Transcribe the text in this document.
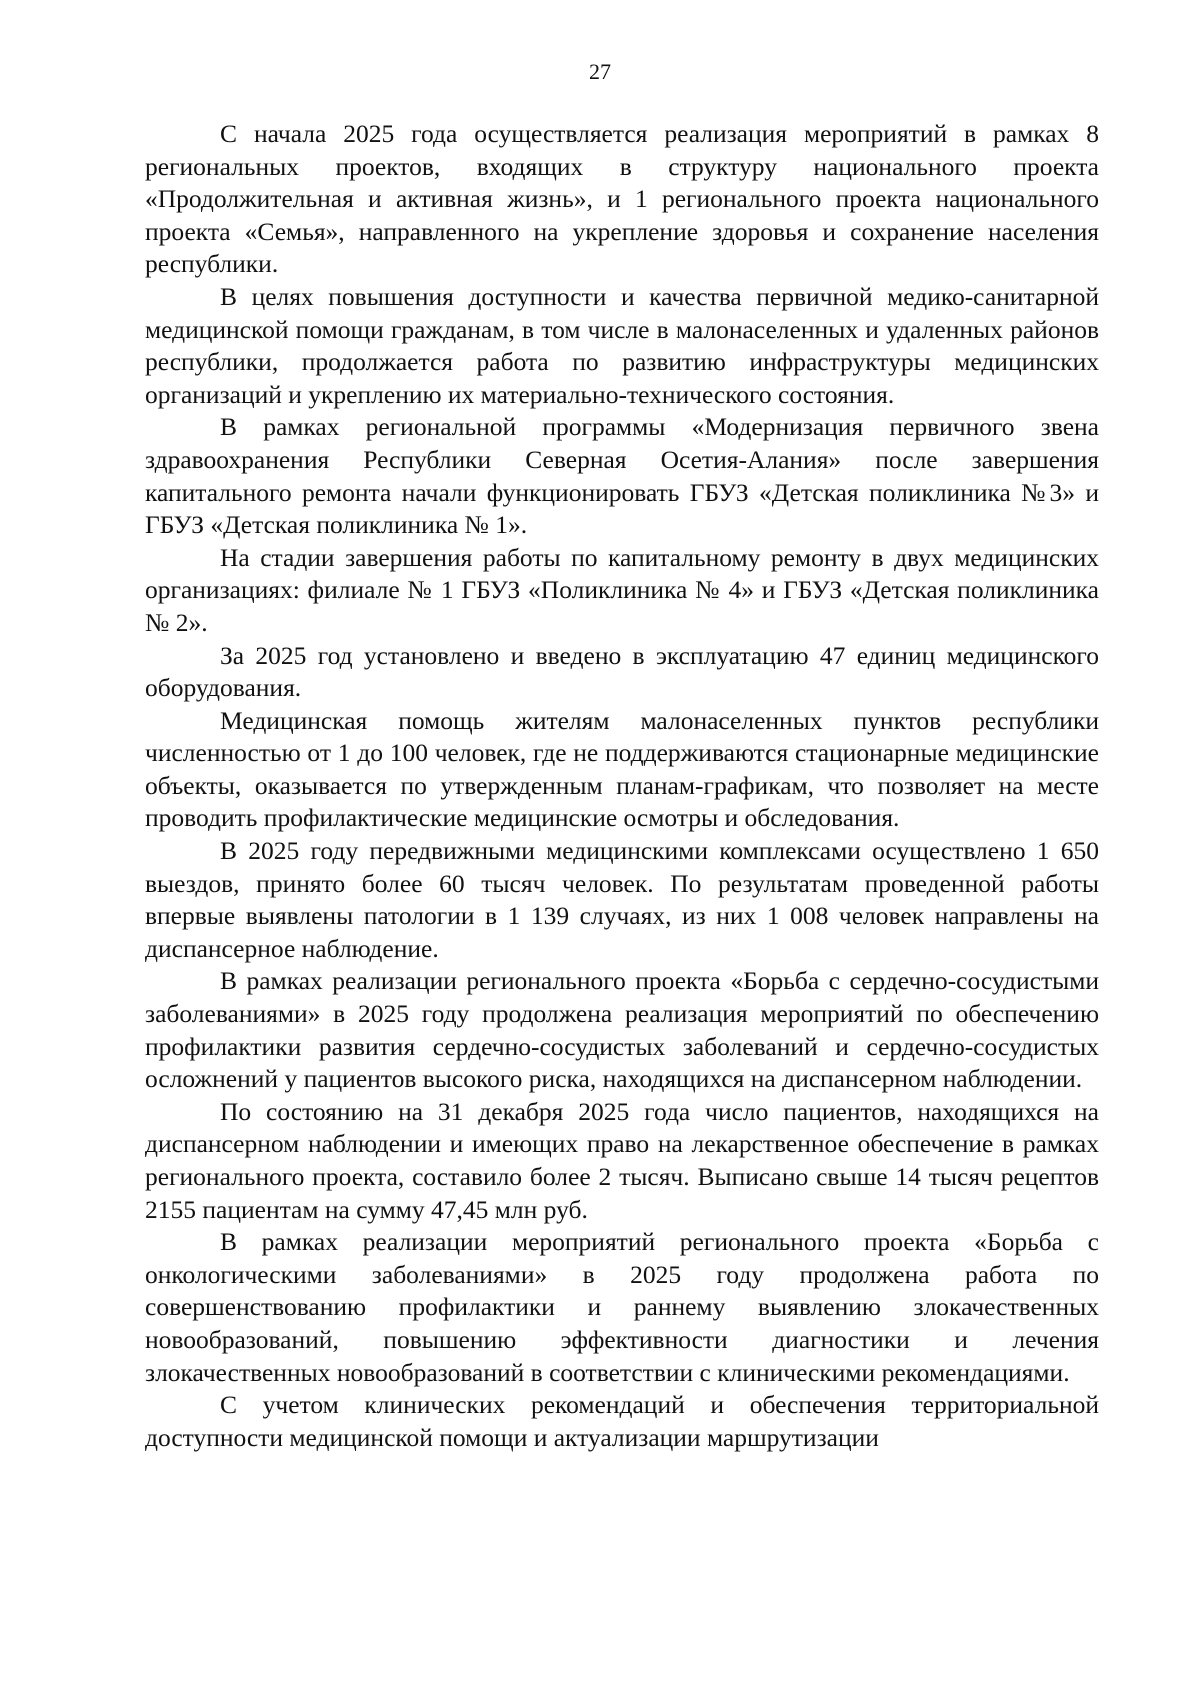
27

С начала 2025 года осуществляется реализация мероприятий в рамках 8 региональных проектов, входящих в структуру национального проекта «Продолжительная и активная жизнь», и 1 регионального проекта национального проекта «Семья», направленного на укрепление здоровья и сохранение населения республики.

В целях повышения доступности и качества первичной медико-санитарной медицинской помощи гражданам, в том числе в малонаселенных и удаленных районов республики, продолжается работа по развитию инфраструктуры медицинских организаций и укреплению их материально-технического состояния.

В рамках региональной программы «Модернизация первичного звена здравоохранения Республики Северная Осетия-Алания» после завершения капитального ремонта начали функционировать ГБУЗ «Детская поликлиника №3» и ГБУЗ «Детская поликлиника № 1».

На стадии завершения работы по капитальному ремонту в двух медицинских организациях: филиале № 1 ГБУЗ «Поликлиника № 4» и ГБУЗ «Детская поликлиника № 2».

За 2025 год установлено и введено в эксплуатацию 47 единиц медицинского оборудования.

Медицинская помощь жителям малонаселенных пунктов республики численностью от 1 до 100 человек, где не поддерживаются стационарные медицинские объекты, оказывается по утвержденным планам-графикам, что позволяет на месте проводить профилактические медицинские осмотры и обследования.

В 2025 году передвижными медицинскими комплексами осуществлено 1 650 выездов, принято более 60 тысяч человек. По результатам проведенной работы впервые выявлены патологии в 1 139 случаях, из них 1 008 человек направлены на диспансерное наблюдение.

В рамках реализации регионального проекта «Борьба с сердечно-сосудистыми заболеваниями» в 2025 году продолжена реализация мероприятий по обеспечению профилактики развития сердечно-сосудистых заболеваний и сердечно-сосудистых осложнений у пациентов высокого риска, находящихся на диспансерном наблюдении.

По состоянию на 31 декабря 2025 года число пациентов, находящихся на диспансерном наблюдении и имеющих право на лекарственное обеспечение в рамках регионального проекта, составило более 2 тысяч. Выписано свыше 14 тысяч рецептов 2155 пациентам на сумму 47,45 млн руб.

В рамках реализации мероприятий регионального проекта «Борьба с онкологическими заболеваниями» в 2025 году продолжена работа по совершенствованию профилактики и раннему выявлению злокачественных новообразований, повышению эффективности диагностики и лечения злокачественных новообразований в соответствии с клиническими рекомендациями.

С учетом клинических рекомендаций и обеспечения территориальной доступности медицинской помощи и актуализации маршрутизации
